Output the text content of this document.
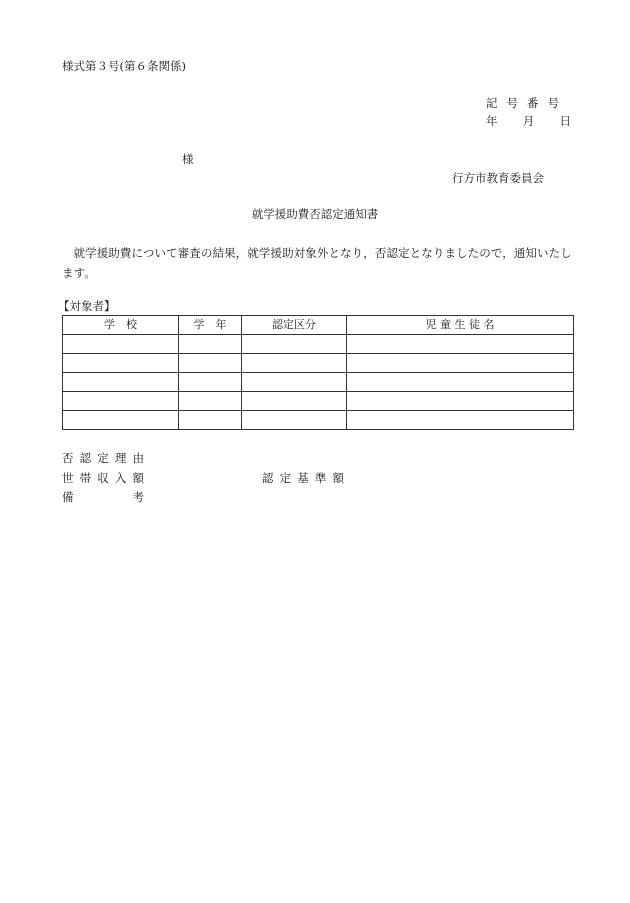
様式第３号(第６条関係)
記号番号
年 月 日
様
行方市教育委員会
就学援助費否認定通知書
就学援助費について審査の結果，就学援助対象外となり，否認定となりましたので，通知いたします。
【対象者】
学　校	学　年	認定区分	児 童 生 徒 名

否 認 定 理 由
世 帯 収 入 額	認 定 基 準 額
備	考
